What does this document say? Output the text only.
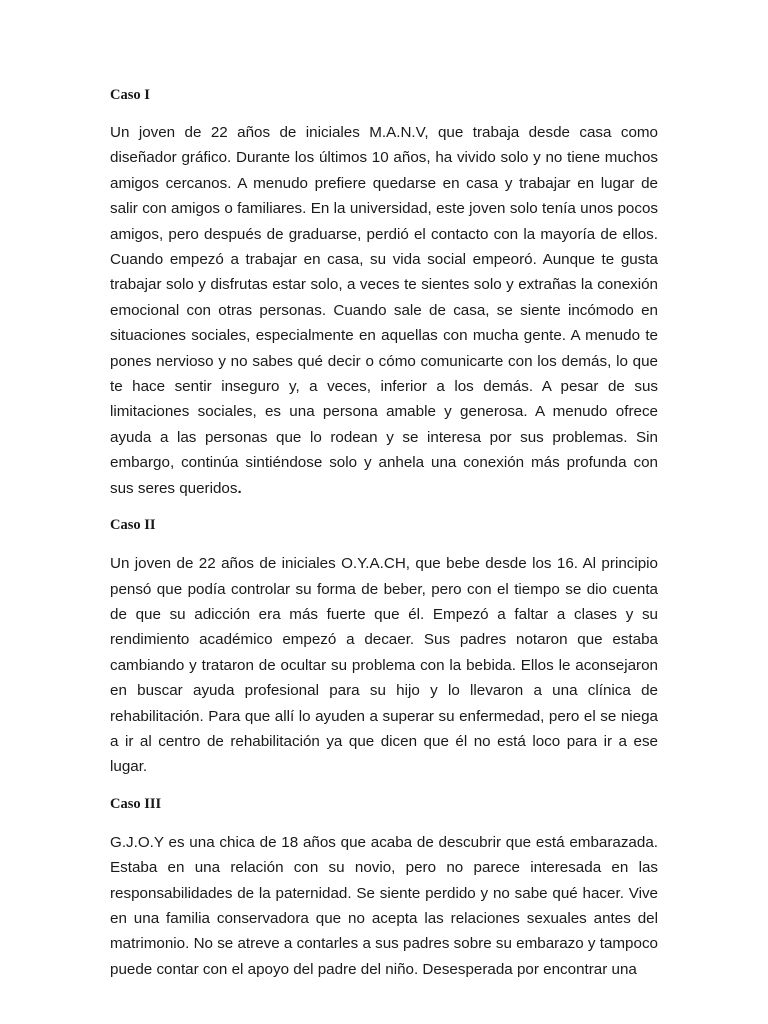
Caso I

Un joven de 22 años de iniciales M.A.N.V, que trabaja desde casa como diseñador gráfico. Durante los últimos 10 años, ha vivido solo y no tiene muchos amigos cercanos. A menudo prefiere quedarse en casa y trabajar en lugar de salir con amigos o familiares. En la universidad, este joven solo tenía unos pocos amigos, pero después de graduarse, perdió el contacto con la mayoría de ellos. Cuando empezó a trabajar en casa, su vida social empeoró. Aunque te gusta trabajar solo y disfrutas estar solo, a veces te sientes solo y extrañas la conexión emocional con otras personas. Cuando sale de casa, se siente incómodo en situaciones sociales, especialmente en aquellas con mucha gente. A menudo te pones nervioso y no sabes qué decir o cómo comunicarte con los demás, lo que te hace sentir inseguro y, a veces, inferior a los demás. A pesar de sus limitaciones sociales, es una persona amable y generosa. A menudo ofrece ayuda a las personas que lo rodean y se interesa por sus problemas. Sin embargo, continúa sintiéndose solo y anhela una conexión más profunda con sus seres queridos.

Caso II

Un joven de 22 años de iniciales O.Y.A.CH, que bebe desde los 16. Al principio pensó que podía controlar su forma de beber, pero con el tiempo se dio cuenta de que su adicción era más fuerte que él. Empezó a faltar a clases y su rendimiento académico empezó a decaer. Sus padres notaron que estaba cambiando y trataron de ocultar su problema con la bebida. Ellos le aconsejaron en buscar ayuda profesional para su hijo y lo llevaron a una clínica de rehabilitación. Para que allí lo ayuden a superar su enfermedad, pero el se niega a ir al centro de rehabilitación ya que dicen que él no está loco para ir a ese lugar.

Caso III

G.J.O.Y es una chica de 18 años que acaba de descubrir que está embarazada. Estaba en una relación con su novio, pero no parece interesada en las responsabilidades de la paternidad. Se siente perdido y no sabe qué hacer. Vive en una familia conservadora que no acepta las relaciones sexuales antes del matrimonio. No se atreve a contarles a sus padres sobre su embarazo y tampoco puede contar con el apoyo del padre del niño. Desesperada por encontrar una
